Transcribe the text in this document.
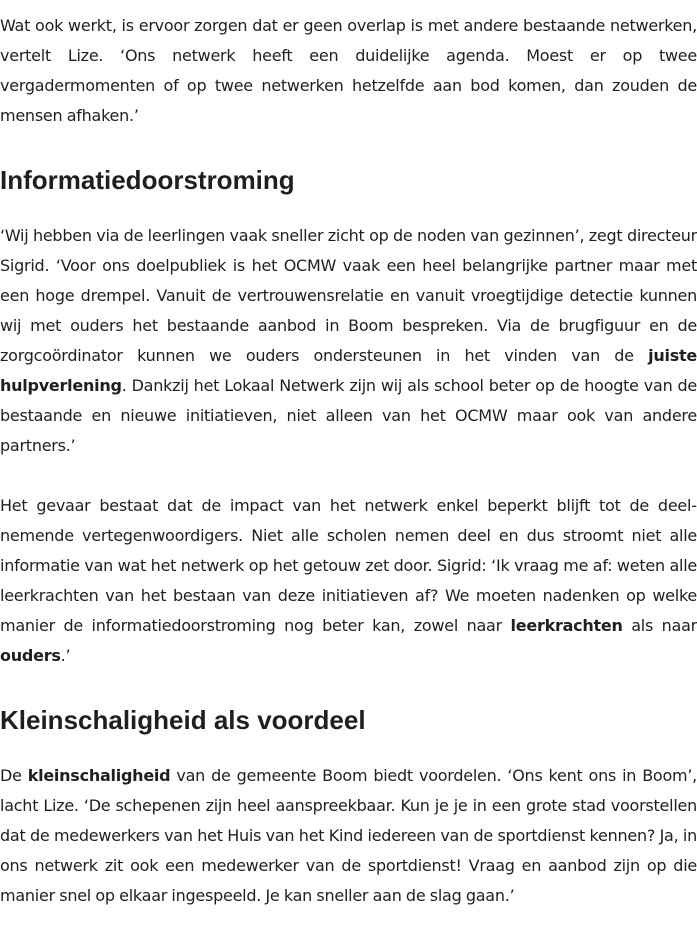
Wat ook werkt, is ervoor zorgen dat er geen overlap is met andere bestaande netwerken, vertelt Lize. ‘Ons netwerk heeft een duidelijke agenda. Moest er op twee vergadermomenten of op twee netwerken hetzelfde aan bod komen, dan zouden de mensen afhaken.’

Informatiedoorstroming

‘Wij hebben via de leerlingen vaak sneller zicht op de noden van gezinnen’, zegt directeur Sigrid. ‘Voor ons doelpubliek is het OCMW vaak een heel belangrijke partner maar met een hoge drempel. Vanuit de vertrouwensrelatie en vanuit vroegtijdige detectie kunnen wij met ouders het bestaande aanbod in Boom bespreken. Via de brugfiguur en de zorgcoördinator kunnen we ouders ondersteunen in het vinden van de juiste hulpverlening. Dankzij het Lokaal Netwerk zijn wij als school beter op de hoogte van de bestaande en nieuwe initiatieven, niet alleen van het OCMW maar ook van andere partners.’

Het gevaar bestaat dat de impact van het netwerk enkel beperkt blijft tot de deelnemende vertegenwoordigers. Niet alle scholen nemen deel en dus stroomt niet alle informatie van wat het netwerk op het getouw zet door. Sigrid: ‘Ik vraag me af: weten alle leerkrachten van het bestaan van deze initiatieven af? We moeten nadenken op welke manier de informatiedoorstroming nog beter kan, zowel naar leerkrachten als naar ouders.’

Kleinschaligheid als voordeel

De kleinschaligheid van de gemeente Boom biedt voordelen. ‘Ons kent ons in Boom’, lacht Lize. ‘De schepenen zijn heel aanspreekbaar. Kun je je in een grote stad voorstellen dat de medewerkers van het Huis van het Kind iedereen van de sportdienst kennen? Ja, in ons netwerk zit ook een medewerker van de sportdienst! Vraag en aanbod zijn op die manier snel op elkaar ingespeeld. Je kan sneller aan de slag gaan.’
